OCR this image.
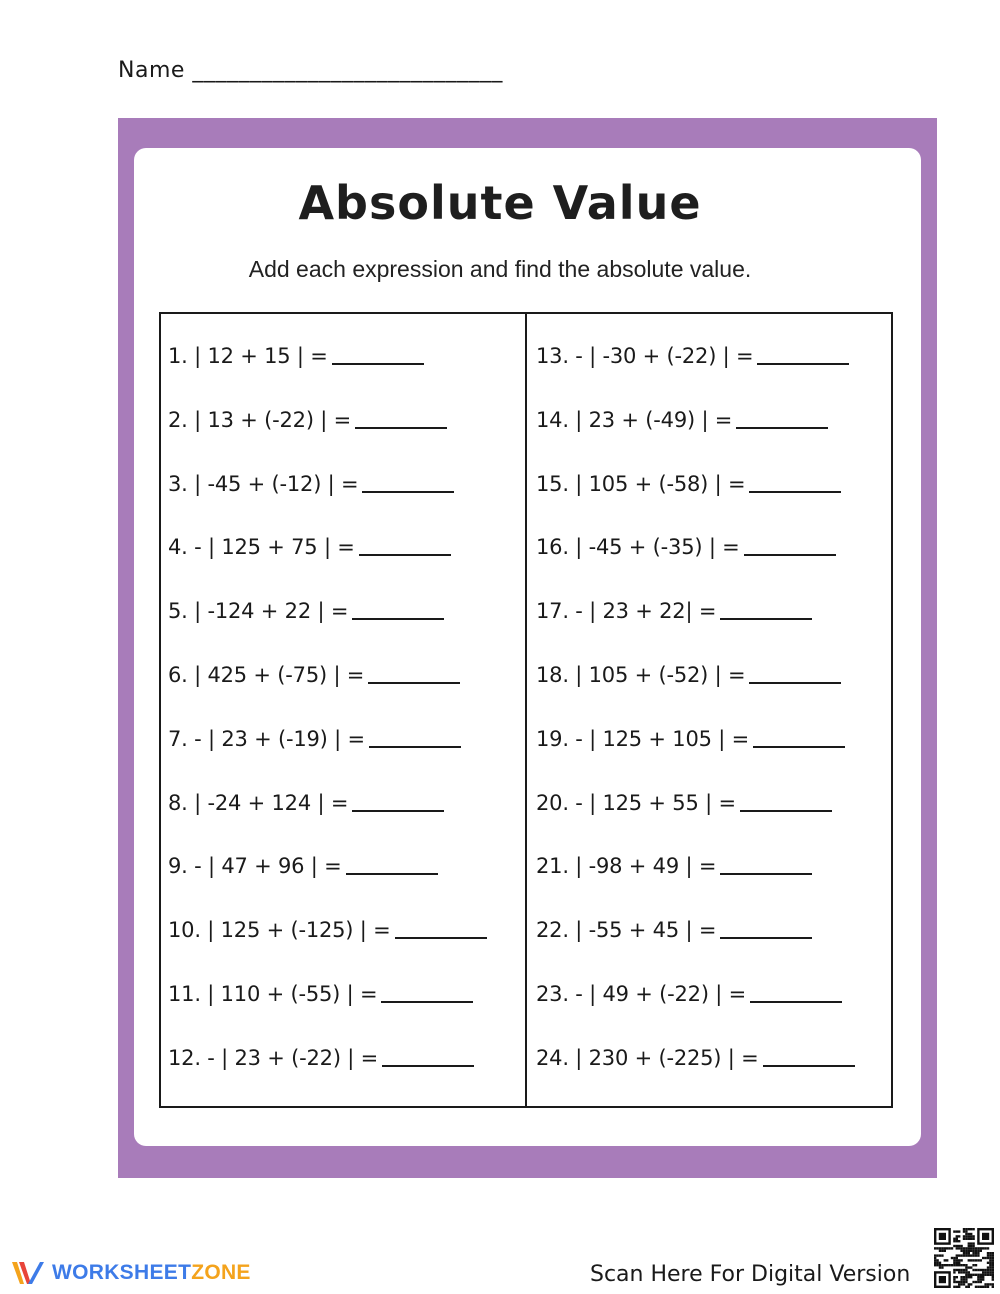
Name ___________________________
Absolute Value
Add each expression and find the absolute value.
1. | 12 + 15 | =
2. | 13 + (-22) | =
3. | -45 + (-12) | =
4. - | 125 + 75 | =
5. | -124 + 22 | =
6. | 425 + (-75) | =
7. - | 23 + (-19) | =
8. | -24 + 124 | =
9. - | 47 + 96 | =
10. | 125 + (-125) | =
11. | 110 + (-55) | =
12. - | 23 + (-22) | =
13. - | -30 + (-22) | =
14. | 23 + (-49) | =
15. | 105 + (-58) | =
16. | -45 + (-35) | =
17. - | 23 + 22| =
18. | 105 + (-52) | =
19. - | 125 + 105 | =
20. - | 125 + 55 | =
21. | -98 + 49 | =
22. | -55 + 45 | =
23. - | 49 + (-22) | =
24. | 230 + (-225) | =
WORKSHEETZONE	Scan Here For Digital Version
